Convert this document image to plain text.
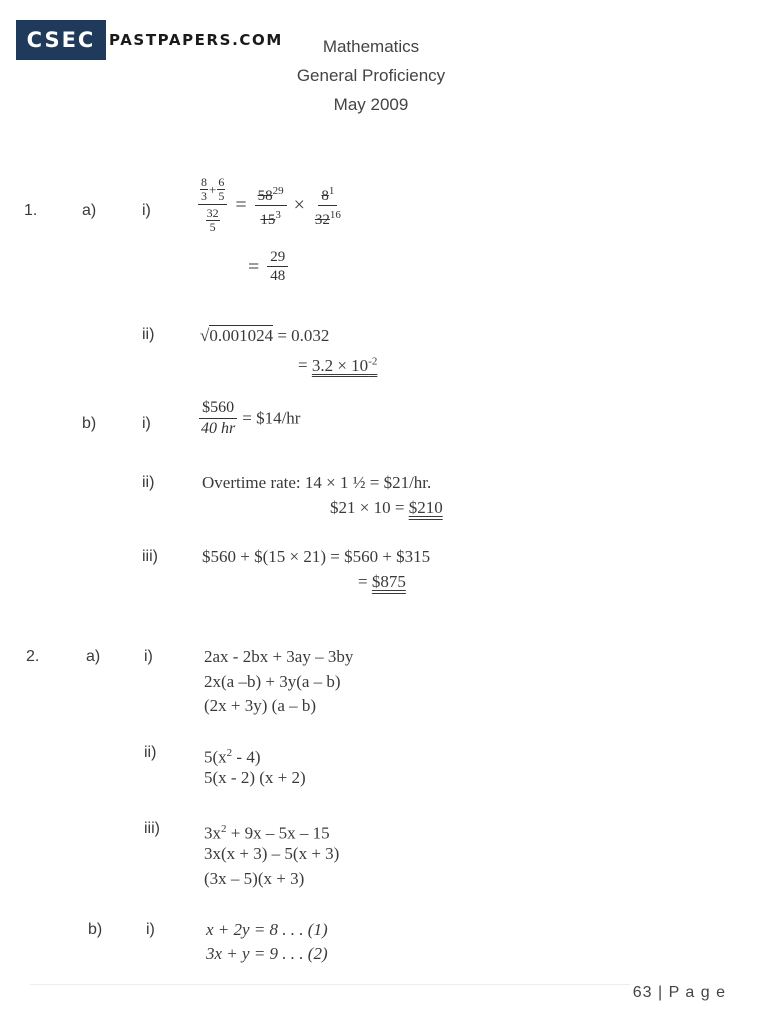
CSEC PASTPAPERS.COM	Mathematics
General Proficiency
May 2009
1.	a)	i)
$\frac{8}{3} + \frac{6}{5}$
$\frac{32}{5}$
= $\frac{58^{29}}{15^3} \times \frac{8^1}{32^{16}}$
= $\frac{29}{48}$
ii)	√0.001024 = 0.032
= $3.2 \times 10^{-2}$
b)	i)	$\frac{\$560}{40 hr}$ = $14/hr
ii)	Overtime rate: 14 × 1 ½ = $21/hr.
$21 × 10 = $210
iii)	$560 + $(15 × 21) = $560 + $315
= $875
2.	a)	i)	2ax - 2bx + 3ay – 3by
2x(a –b) + 3y(a – b)
(2x + 3y) (a – b)
ii)	$5(x^2 - 4)$
5(x - 2) (x + 2)
iii)	$3x^2 + 9x - 5x - 15$
3x(x + 3) – 5(x + 3)
(3x – 5)(x + 3)
b)	i)	x + 2y = 8 . . . (1)
3x + y = 9 . . . (2)
63 | P a g e
